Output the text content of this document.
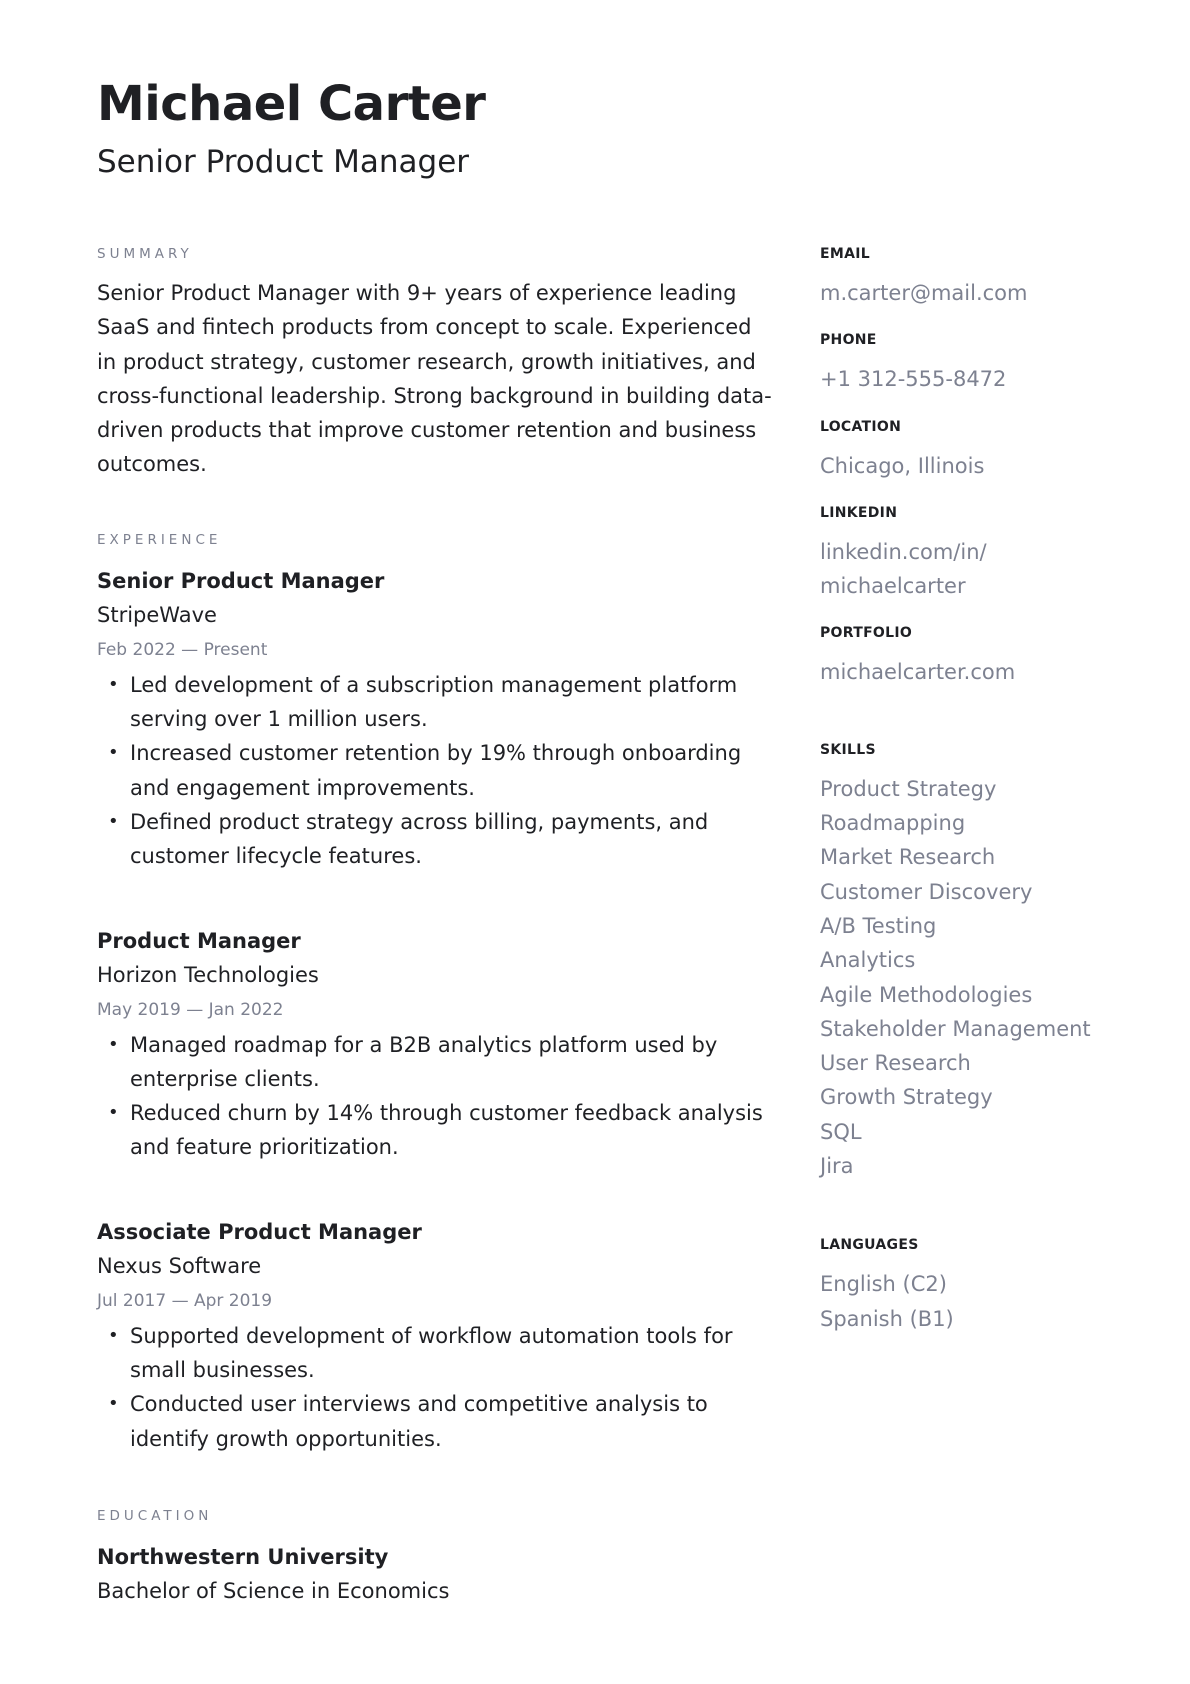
Michael Carter
Senior Product Manager
SUMMARY
Senior Product Manager with 9+ years of experience leading SaaS and fintech products from concept to scale. Experienced in product strategy, customer research, growth initiatives, and cross-functional leadership. Strong background in building data-driven products that improve customer retention and business outcomes.
EXPERIENCE
Senior Product Manager
StripeWave
Feb 2022 — Present
• Led development of a subscription management platform serving over 1 million users.
• Increased customer retention by 19% through onboarding and engagement improvements.
• Defined product strategy across billing, payments, and customer lifecycle features.
Product Manager
Horizon Technologies
May 2019 — Jan 2022
• Managed roadmap for a B2B analytics platform used by enterprise clients.
• Reduced churn by 14% through customer feedback analysis and feature prioritization.
Associate Product Manager
Nexus Software
Jul 2017 — Apr 2019
• Supported development of workflow automation tools for small businesses.
• Conducted user interviews and competitive analysis to identify growth opportunities.
EDUCATION
Northwestern University
Bachelor of Science in Economics
EMAIL
m.carter@mail.com
PHONE
+1 312-555-8472
LOCATION
Chicago, Illinois
LINKEDIN
linkedin.com/in/
michaelcarter
PORTFOLIO
michaelcarter.com
SKILLS
Product Strategy
Roadmapping
Market Research
Customer Discovery
A/B Testing
Analytics
Agile Methodologies
Stakeholder Management
User Research
Growth Strategy
SQL
Jira
LANGUAGES
English (C2)
Spanish (B1)
